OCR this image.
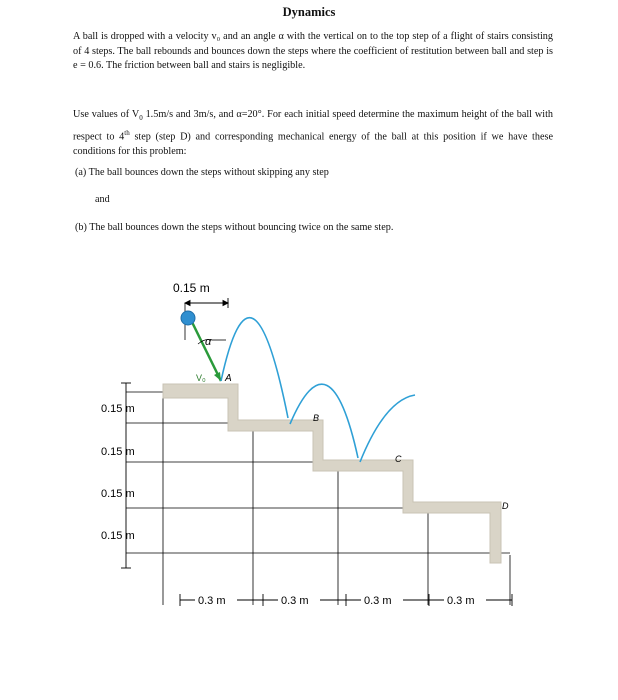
Dynamics
A ball is dropped with a velocity v₀ and an angle α with the vertical on to the top step of a flight of stairs consisting of 4 steps. The ball rebounds and bounces down the steps where the coefficient of restitution between ball and step is e = 0.6. The friction between ball and stairs is negligible.
Use values of $V_0$ 1.5m/s and 3m/s, and α=20°. For each initial speed determine the maximum height of the ball with respect to 4th step (step D) and corresponding mechanical energy of the ball at this position if we have these conditions for this problem:
(a) The ball bounces down the steps without skipping any step
and
(b) The ball bounces down the steps without bouncing twice on the same step.
0.15 m
α
V₀ A
B
C
D
0.15 m
0.15 m
0.15 m
0.15 m
0.3 m	0.3 m	0.3 m	0.3 m
